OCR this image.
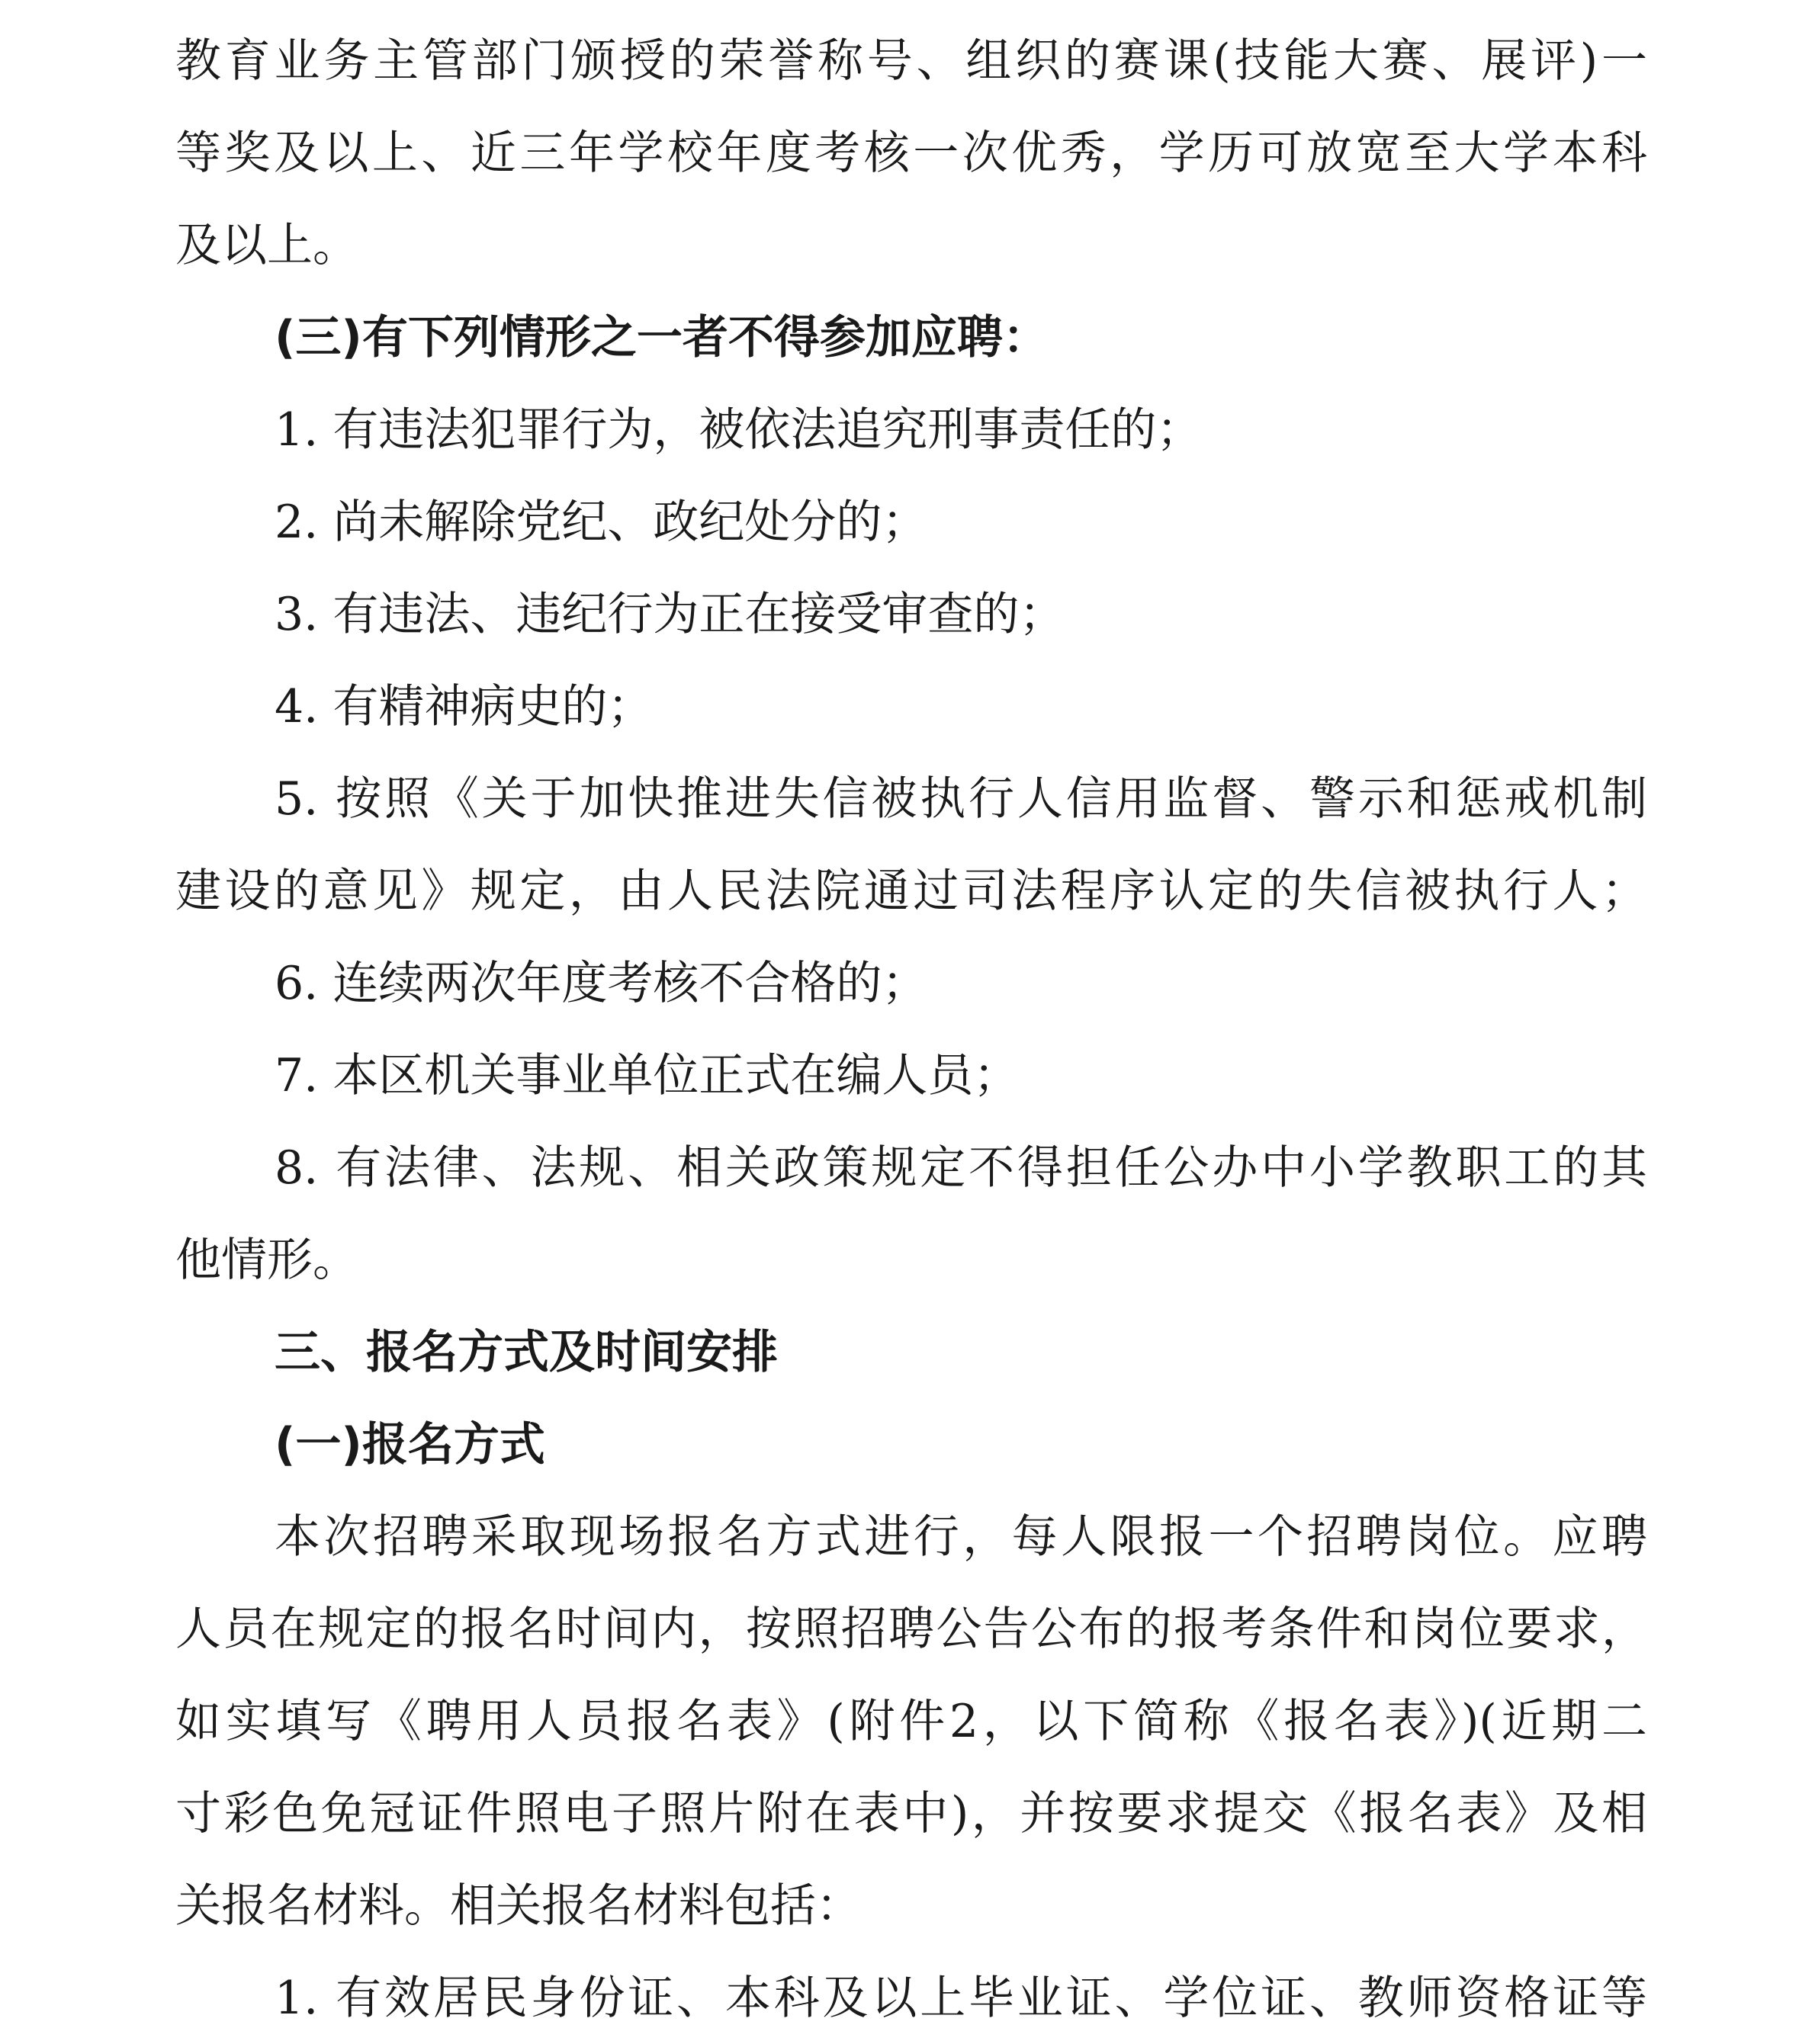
教育业务主管部门颁授的荣誉称号、组织的赛课(技能大赛、展评)一
等奖及以上、近三年学校年度考核一次优秀，学历可放宽至大学本科
及以上。
(三)有下列情形之一者不得参加应聘：
1. 有违法犯罪行为，被依法追究刑事责任的；
2. 尚未解除党纪、政纪处分的；
3. 有违法、违纪行为正在接受审查的；
4. 有精神病史的；
5. 按照《关于加快推进失信被执行人信用监督、警示和惩戒机制
建设的意见》规定，由人民法院通过司法程序认定的失信被执行人；
6. 连续两次年度考核不合格的；
7. 本区机关事业单位正式在编人员；
8. 有法律、法规、相关政策规定不得担任公办中小学教职工的其
他情形。
三、报名方式及时间安排
(一)报名方式
本次招聘采取现场报名方式进行，每人限报一个招聘岗位。应聘
人员在规定的报名时间内，按照招聘公告公布的报考条件和岗位要求，
如实填写《聘用人员报名表》(附件2，以下简称《报名表》)(近期二
寸彩色免冠证件照电子照片附在表中)，并按要求提交《报名表》及相
关报名材料。相关报名材料包括：
1. 有效居民身份证、本科及以上毕业证、学位证、教师资格证等
